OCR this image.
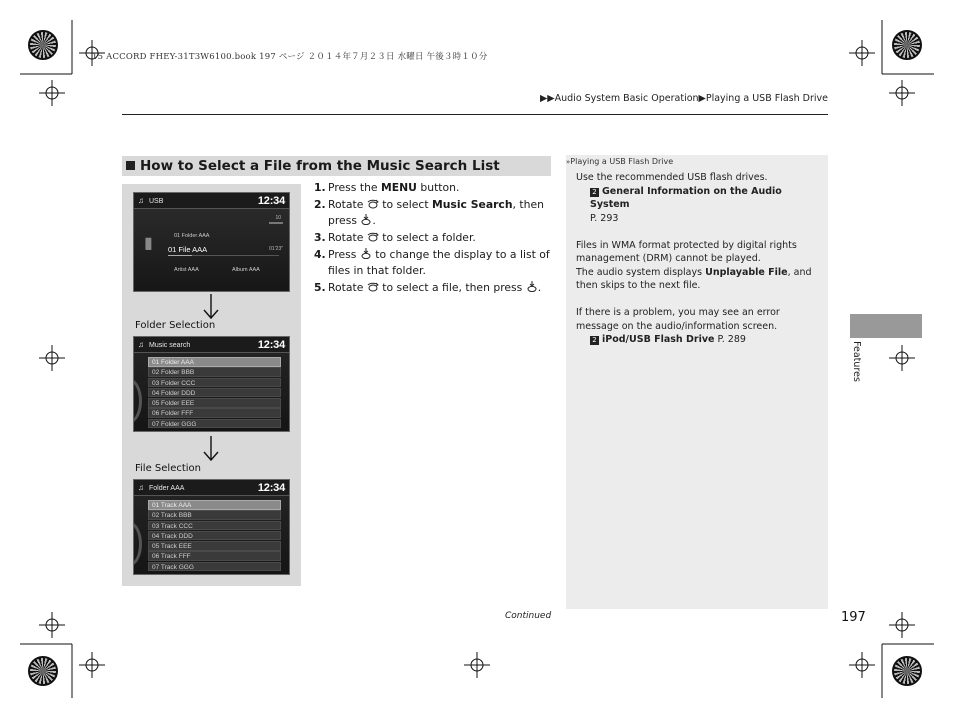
15 ACCORD FHEY-31T3W6100.book 197 ページ ２０１４年７月２３日 水曜日 午後３時１０分
▶▶Audio System Basic Operation▶Playing a USB Flash Drive
How to Select a File from the Music Search List
♫ USB	12:34
10
▮	01 Folder AAA
01 File AAA	01'23"
Artist AAA	Album AAA
Folder Selection
♫ Music search	12:34
01 Folder AAA
02 Folder BBB
03 Folder CCC
04 Folder DDD
05 Folder EEE
06 Folder FFF
07 Folder GGG
File Selection
♫ Folder AAA	12:34
01 Track AAA
02 Track BBB
03 Track CCC
04 Track DDD
05 Track EEE
06 Track FFF
07 Track GGG
1. Press the MENU button.
2. Rotate  to select Music Search, then press .
3. Rotate  to select a folder.
4. Press  to change the display to a list of files in that folder.
5. Rotate  to select a file, then press .
»Playing a USB Flash Drive

Use the recommended USB flash drives.

2 General Information on the Audio System
P. 293

Files in WMA format protected by digital rights management (DRM) cannot be played.

The audio system displays Unplayable File, and then skips to the next file.

If there is a problem, you may see an error message on the audio/information screen.

2 iPod/USB Flash Drive P. 289

Continued	197
Features
